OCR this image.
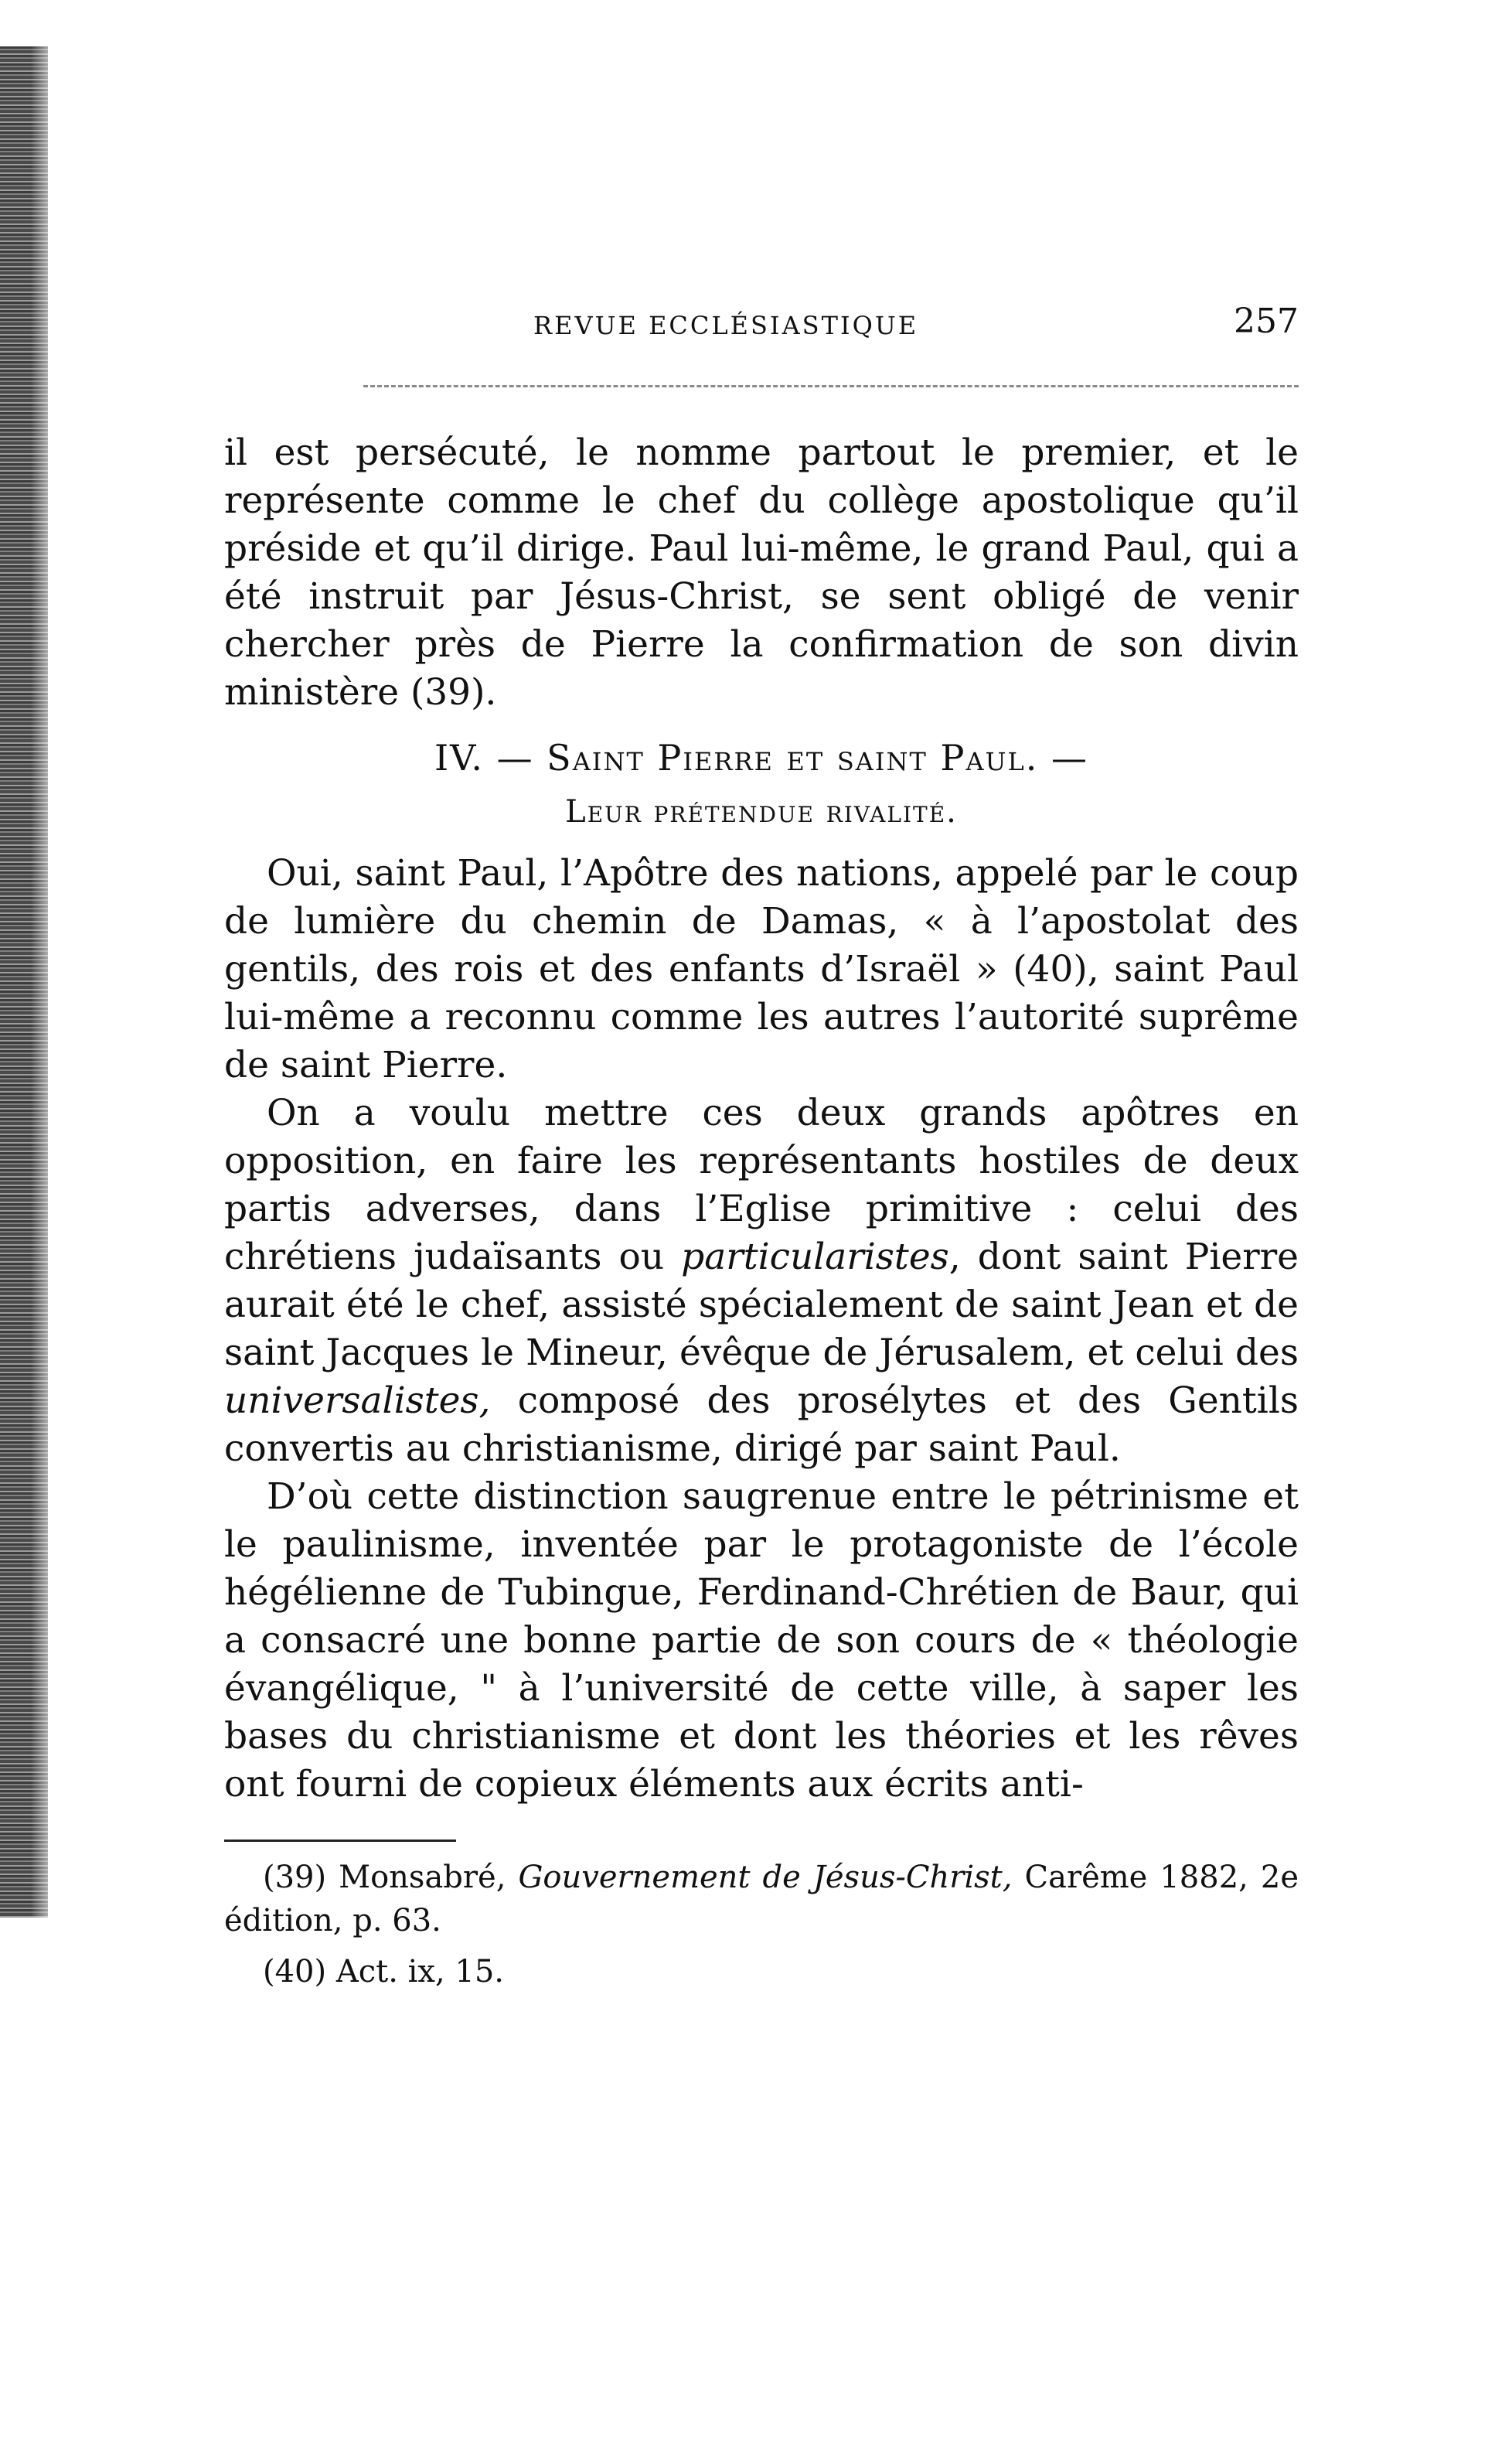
REVUE ECCLÉSIASTIQUE	257

il est persécuté, le nomme partout le premier, et le représente comme le chef du collège apostolique qu’il préside et qu’il dirige. Paul lui-même, le grand Paul, qui a été instruit par Jésus-Christ, se sent obligé de venir chercher près de Pierre la confirmation de son divin ministère (39).

IV. — Saint Pierre et saint Paul. —

Leur prétendue rivalité.

Oui, saint Paul, l’Apôtre des nations, appelé par le coup de lumière du chemin de Damas, « à l’apostolat des gentils, des rois et des enfants d’Israël » (40), saint Paul lui-même a reconnu comme les autres l’autorité suprême de saint Pierre.

On a voulu mettre ces deux grands apôtres en opposition, en faire les représentants hostiles de deux partis adverses, dans l’Eglise primitive : celui des chrétiens judaïsants ou particularistes, dont saint Pierre aurait été le chef, assisté spécialement de saint Jean et de saint Jacques le Mineur, évêque de Jérusalem, et celui des universalistes, composé des prosélytes et des Gentils convertis au christianisme, dirigé par saint Paul.

D’où cette distinction saugrenue entre le pétrinisme et le paulinisme, inventée par le protagoniste de l’école hégélienne de Tubingue, Ferdinand-Chrétien de Baur, qui a consacré une bonne partie de son cours de « théologie évangélique, " à l’université de cette ville, à saper les bases du christianisme et dont les théories et les rêves ont fourni de copieux éléments aux écrits anti-

(39) Monsabré, Gouvernement de Jésus-Christ, Carême 1882, 2e édition, p. 63.

(40) Act. ix, 15.
